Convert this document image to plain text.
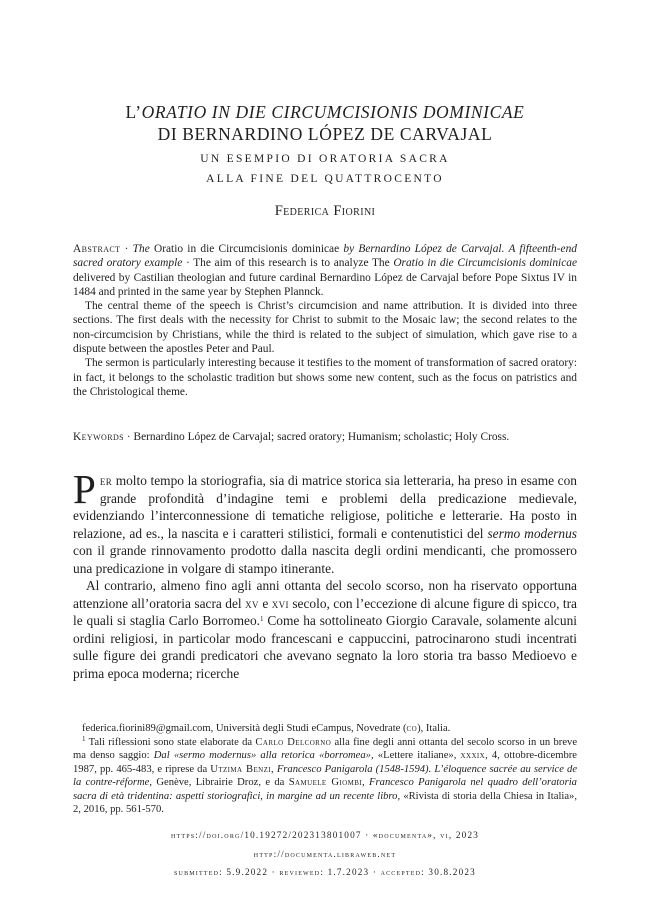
L’ORATIO IN DIE CIRCUMCISIONIS DOMINICAE
DI BERNARDINO LÓPEZ DE CARVAJAL
UN ESEMPIO DI ORATORIA SACRA
ALLA FINE DEL QUATTROCENTO
Federica Fiorini

Abstract · The Oratio in die Circumcisionis dominicae by Bernardino López de Carvajal. A fifteenth-end sacred oratory example · The aim of this research is to analyze The Oratio in die Circumcisionis dominicae delivered by Castilian theologian and future cardinal Bernardino López de Carvajal before Pope Sixtus IV in 1484 and printed in the same year by Stephen Plannck.

The central theme of the speech is Christ’s circumcision and name attribution. It is divided into three sections. The first deals with the necessity for Christ to submit to the Mosaic law; the second relates to the non-circumcision by Christians, while the third is related to the subject of simulation, which gave rise to a dispute between the apostles Peter and Paul.

The sermon is particularly interesting because it testifies to the moment of transformation of sacred oratory: in fact, it belongs to the scholastic tradition but shows some new content, such as the focus on patristics and the Christological theme.

Keywords · Bernardino López de Carvajal; sacred oratory; Humanism; scholastic; Holy Cross.

Per molto tempo la storiografia, sia di matrice storica sia letteraria, ha preso in esame con grande profondità d’indagine temi e problemi della predicazione medievale, evidenziando l’interconnessione di tematiche religiose, politiche e letterarie. Ha posto in relazione, ad es., la nascita e i caratteri stilistici, formali e contenutistici del sermo modernus con il grande rinnovamento prodotto dalla nascita degli ordini mendicanti, che promossero una predicazione in volgare di stampo itinerante.

Al contrario, almeno fino agli anni ottanta del secolo scorso, non ha riservato opportuna attenzione all’oratoria sacra del xv e xvi secolo, con l’eccezione di alcune figure di spicco, tra le quali si staglia Carlo Borromeo.$^1$ Come ha sottolineato Giorgio Caravale, solamente alcuni ordini religiosi, in particolar modo francescani e cappuccini, patrocinarono studi incentrati sulle figure dei grandi predicatori che avevano segnato la loro storia tra basso Medioevo e prima epoca moderna; ricerche

federica.fiorini89@gmail.com, Università degli Studi eCampus, Novedrate (co), Italia.

$^1$ Tali riflessioni sono state elaborate da Carlo Delcorno alla fine degli anni ottanta del secolo scorso in un breve ma denso saggio: Dal «sermo modernus» alla retorica «borromea», «Lettere italiane», xxxix, 4, ottobre-dicembre 1987, pp. 465-483, e riprese da Utzima Benzi, Francesco Panigarola (1548-1594). L’éloquence sacrée au service de la contre-réforme, Genève, Librairie Droz, e da Samuele Giombi, Francesco Panigarola nel quadro dell’oratoria sacra di età tridentina: aspetti storiografici, in margine ad un recente libro, «Rivista di storia della Chiesa in Italia», 2, 2016, pp. 561-570.

https://doi.org/10.19272/202313801007 · «documenta», vi, 2023
http://documenta.libraweb.net
submitted: 5.9.2022 · reviewed: 1.7.2023 · accepted: 30.8.2023
